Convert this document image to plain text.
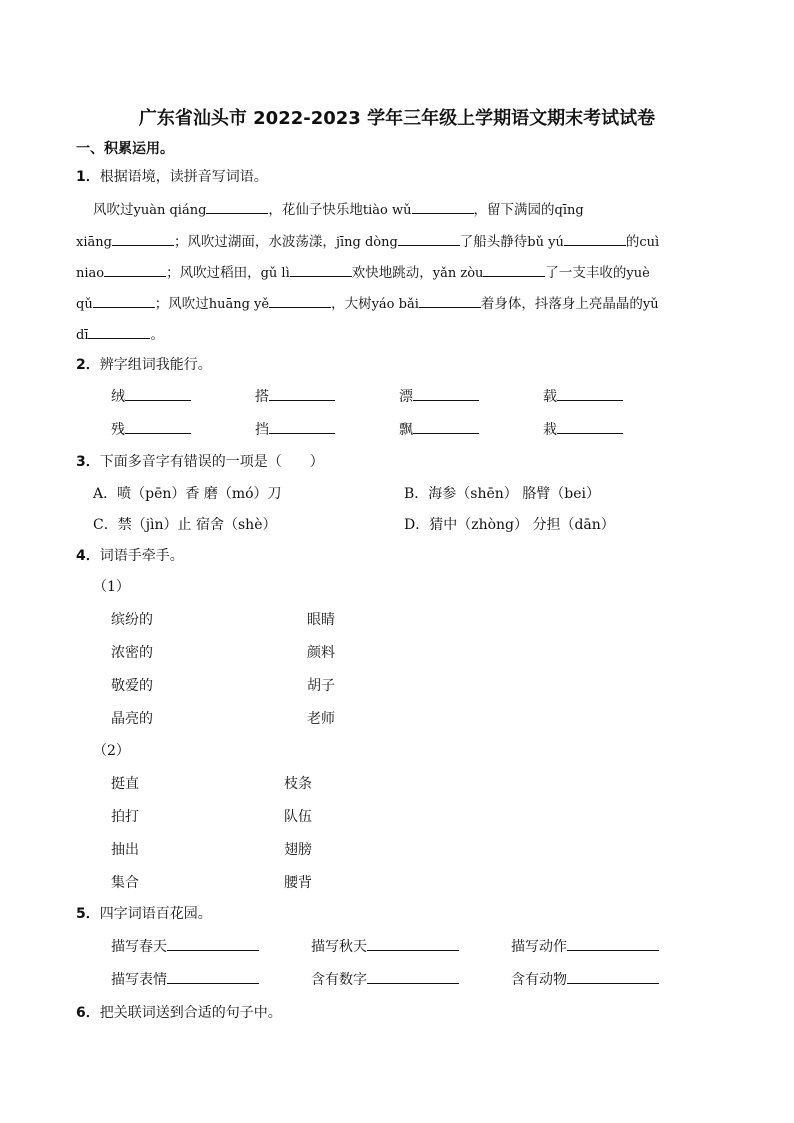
广东省汕头市 2022-2023 学年三年级上学期语文期末考试试卷
一、积累运用。
1．根据语境，读拼音写词语。
风吹过yuàn qiáng	，花仙子快乐地tiào wǔ	，留下满园的qīng
xiāng	；风吹过湖面，水波荡漾，jīng dòng	了船头静待bǔ yú	的cuì
niao	；风吹过稻田，gǔ lì	欢快地跳动，yǎn zòu	了一支丰收的yuè
qǔ	；风吹过huāng yě	，大树yáo bǎi	着身体，抖落身上亮晶晶的yǔ
dī	。
2．辨字组词我能行。
绒	搭	漂	载
残	挡	飘	栽
3．下面多音字有错误的一项是（　　）
A．喷（pēn）香 磨（mó）刀	B．海参（shēn） 胳臂（bei）
C．禁（jìn）止 宿舍（shè）	D．猜中（zhòng） 分担（dān）
4．词语手牵手。
（1）
缤纷的	眼睛
浓密的	颜料
敬爱的	胡子
晶亮的	老师
（2）
挺直	枝条
拍打	队伍
抽出	翅膀
集合	腰背
5．四字词语百花园。
描写春天	描写秋天	描写动作
描写表情	含有数字	含有动物
6．把关联词送到合适的句子中。
